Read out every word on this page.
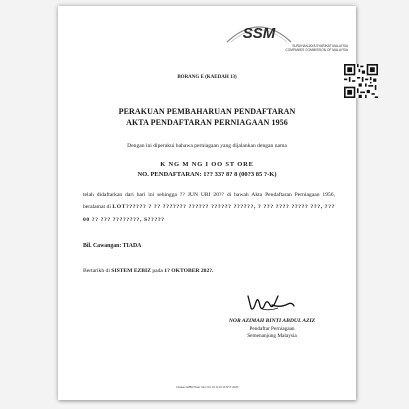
SSM
SURUHANJAYA SYARIKAT MALAYSIA
COMPANIES COMMISSION OF MALAYSIA
BORANG E (KAEDAH 13)
PERAKUAN PEMBAHARUAN PENDAFTARAN
AKTA PENDAFTARAN PERNIAGAAN 1956
Dengan ini diperakui bahawa perniagaan yang dijalankan dengan nama
K NG M NG I OO ST ORE
NO. PENDAFTARAN: 1?? 33? 8? 8 (00?3 85 ?-K)
telah didaftarkan dari hari ini sehingga ?? JUN URI 20?? di bawah Akta Pendaftaran Perniagaan 1956, beralamat di LOT?????? ? ?? ??????? ?????? ?????? ??????, ? ??? ???? ????? ???, ???00 ?? ??? ????????, S?????
Bil. Cawangan: TIADA
Bertarikh di SISTEM EZBIZ pada 1? OKTOBER 202?.
NOR AZIMAH BINTI ABDUL AZIZ
Pendaftar Perniagaan
Semenanjung Malaysia
Cetakan EZBIZ Date: Mon Oct 19 11:16:13 MYT 2020
